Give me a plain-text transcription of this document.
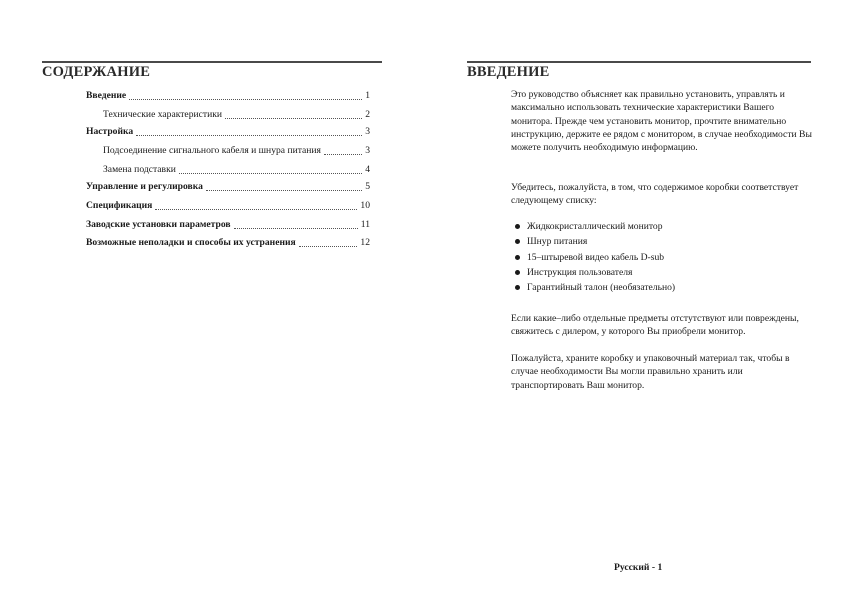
СОДЕРЖАНИЕ
Введение	1
Технические характеристики	2
Настройка	3
Подсоединение сигнального кабеля и шнура питания	3
Замена подставки	4
Управление и регулировка	5
Спецификация	10
Заводские установки параметров	11
Возможные неполадки и способы их устранения	12
ВВЕДЕНИЕ

Это руководство объясняет как правильно установить, управлять и максимально использовать технические характеристики Вашего монитора. Прежде чем установить монитор, прочтите внимательно инструкцию, держите ее рядом с монитором, в случае необходимости Вы можете получить необходимую информацию.

Убедитесь, пожалуйста, в том, что содержимое коробки соответствует следующему списку:

Жидкокристаллический монитор
Шнур питания
15–штыревой видео кабель D-sub
Инструкция пользователя
Гарантийный талон (необязательно)

Если какие–либо отдельные предметы отстутствуют или повреждены, свяжитесь с дилером, у которого Вы приобрели монитор.

Пожалуйста, храните коробку и упаковочный материал так, чтобы в случае необходимости Вы могли правильно хранить или транспортировать Ваш монитор.

Русский - 1
